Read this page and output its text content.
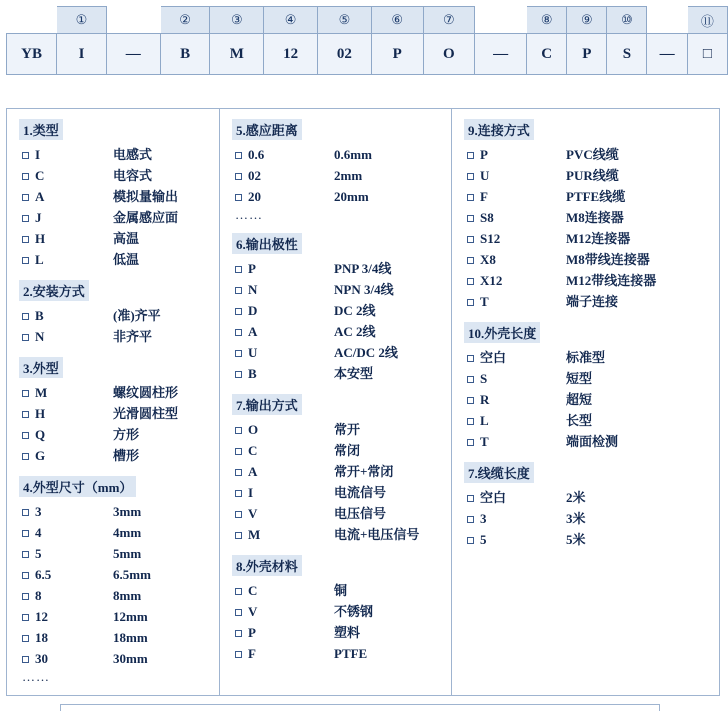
	①		②	③	④	⑤	⑥	⑦		⑧	⑨	⑩		⑪
YB	I	—	B	M	12	02	P	O	—	C	P	S	—	□
1.类型
I	电感式
C	电容式
A	模拟量输出
J	金属感应面
H	高温
L	低温
2.安装方式
B	(准)齐平
N	非齐平
3.外型
M	螺纹圆柱形
H	光滑圆柱型
Q	方形
G	槽形
4.外型尺寸（mm）
3	3mm
4	4mm
5	5mm
6.5	6.5mm
8	8mm
12	12mm
18	18mm
30	30mm
……
5.感应距离
0.6	0.6mm
02	2mm
20	20mm
……
6.输出极性
P	PNP 3/4线
N	NPN 3/4线
D	DC 2线
A	AC 2线
U	AC/DC 2线
B	本安型
7.输出方式
O	常开
C	常闭
A	常开+常闭
I	电流信号
V	电压信号
M	电流+电压信号
8.外壳材料
C	铜
V	不锈钢
P	塑料
F	PTFE
9.连接方式
P	PVC线缆
U	PUR线缆
F	PTFE线缆
S8	M8连接器
S12	M12连接器
X8	M8带线连接器
X12	M12带线连接器
T	端子连接
10.外壳长度
空白	标准型
S	短型
R	超短
L	长型
T	端面检测
7.线缆长度
空白	2米
3	3米
5	5米
